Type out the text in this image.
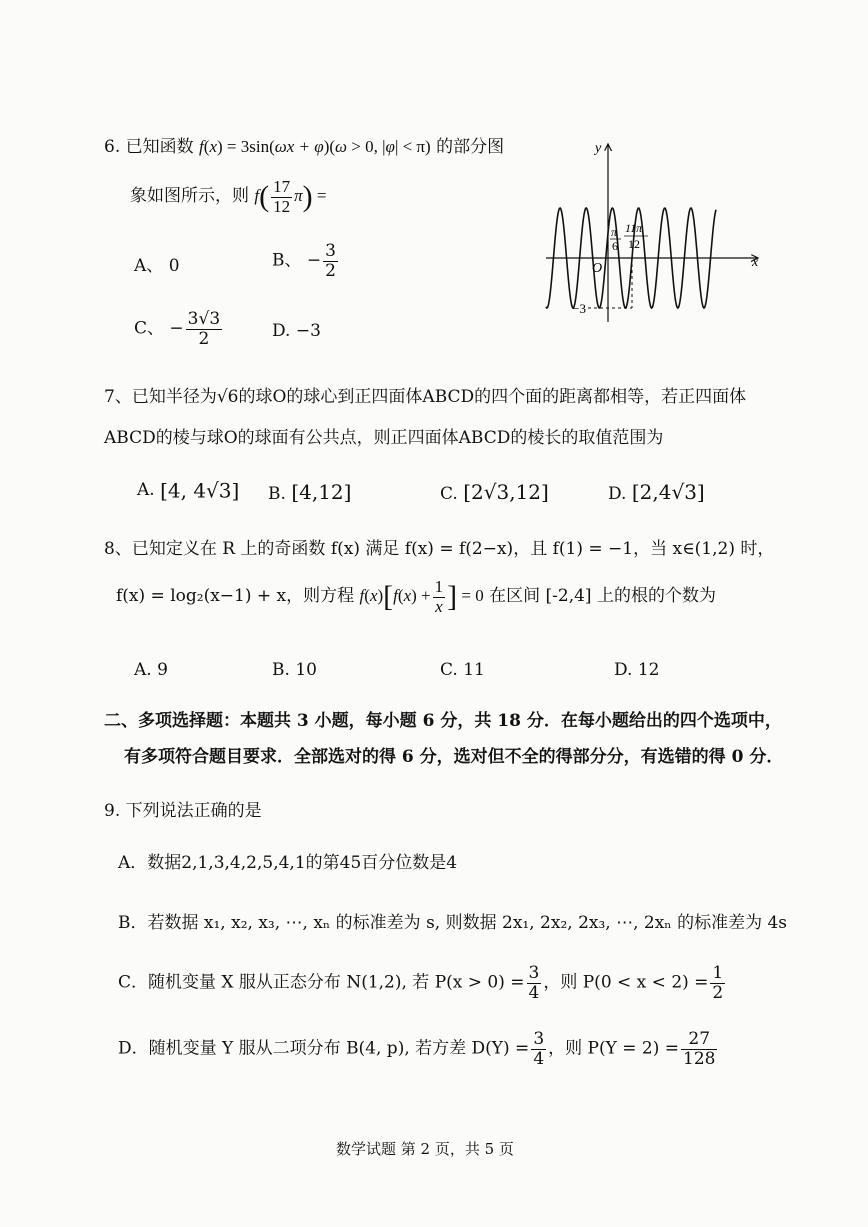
6. 已知函数 f(x) = 3sin(ωx + φ)(ω > 0, |φ| < π) 的部分图
象如图所示，则 $f( \frac{17}{12} \pi)$ =
A、 0	B、 − $\frac{3}{2}$
C、 − $\frac{3√3}{2}$	D. −3
y
x
O
π
6
11π
12
−3
7、已知半径为√6的球O的球心到正四面体ABCD的四个面的距离都相等，若正四面体
ABCD的棱与球O的球面有公共点，则正四面体ABCD的棱长的取值范围为
A. [4, 4√3] B. [4,12]	C. [2√3,12]	D. [2,4√3]
8、已知定义在 R 上的奇函数 f(x) 满足 f(x) = f(2−x)，且 f(1) = −1，当 x∈(1,2) 时，
f(x) = log₂(x−1) + x，则方程 $f(x)[f(x) + \frac{1}{x}$ ] = 0 在区间 [-2,4] 上的根的个数为
A. 9	B. 10	C. 11	D. 12
二、多项选择题：本题共 3 小题，每小题 6 分，共 18 分．在每小题给出的四个选项中，
有多项符合题目要求．全部选对的得 6 分，选对但不全的得部分分，有选错的得 0 分．
9. 下列说法正确的是
A．数据2,1,3,4,2,5,4,1的第45百分位数是4
B．若数据 x₁, x₂, x₃, ⋯, xₙ 的标准差为 s, 则数据 2x₁, 2x₂, 2x₃, ⋯, 2xₙ 的标准差为 4s
C．随机变量 X 服从正态分布 N(1,2), 若 $P(x > 0) = \frac{3}{4}$ ，则 $P(0 < x < 2) = \frac{1}{2}$
D．随机变量 Y 服从二项分布 B(4, p), 若方差 $D(Y) = \frac{3}{4}$ ，则 $P(Y = 2) = \frac{27}{128}$
数学试题 第 2 页，共 5 页
